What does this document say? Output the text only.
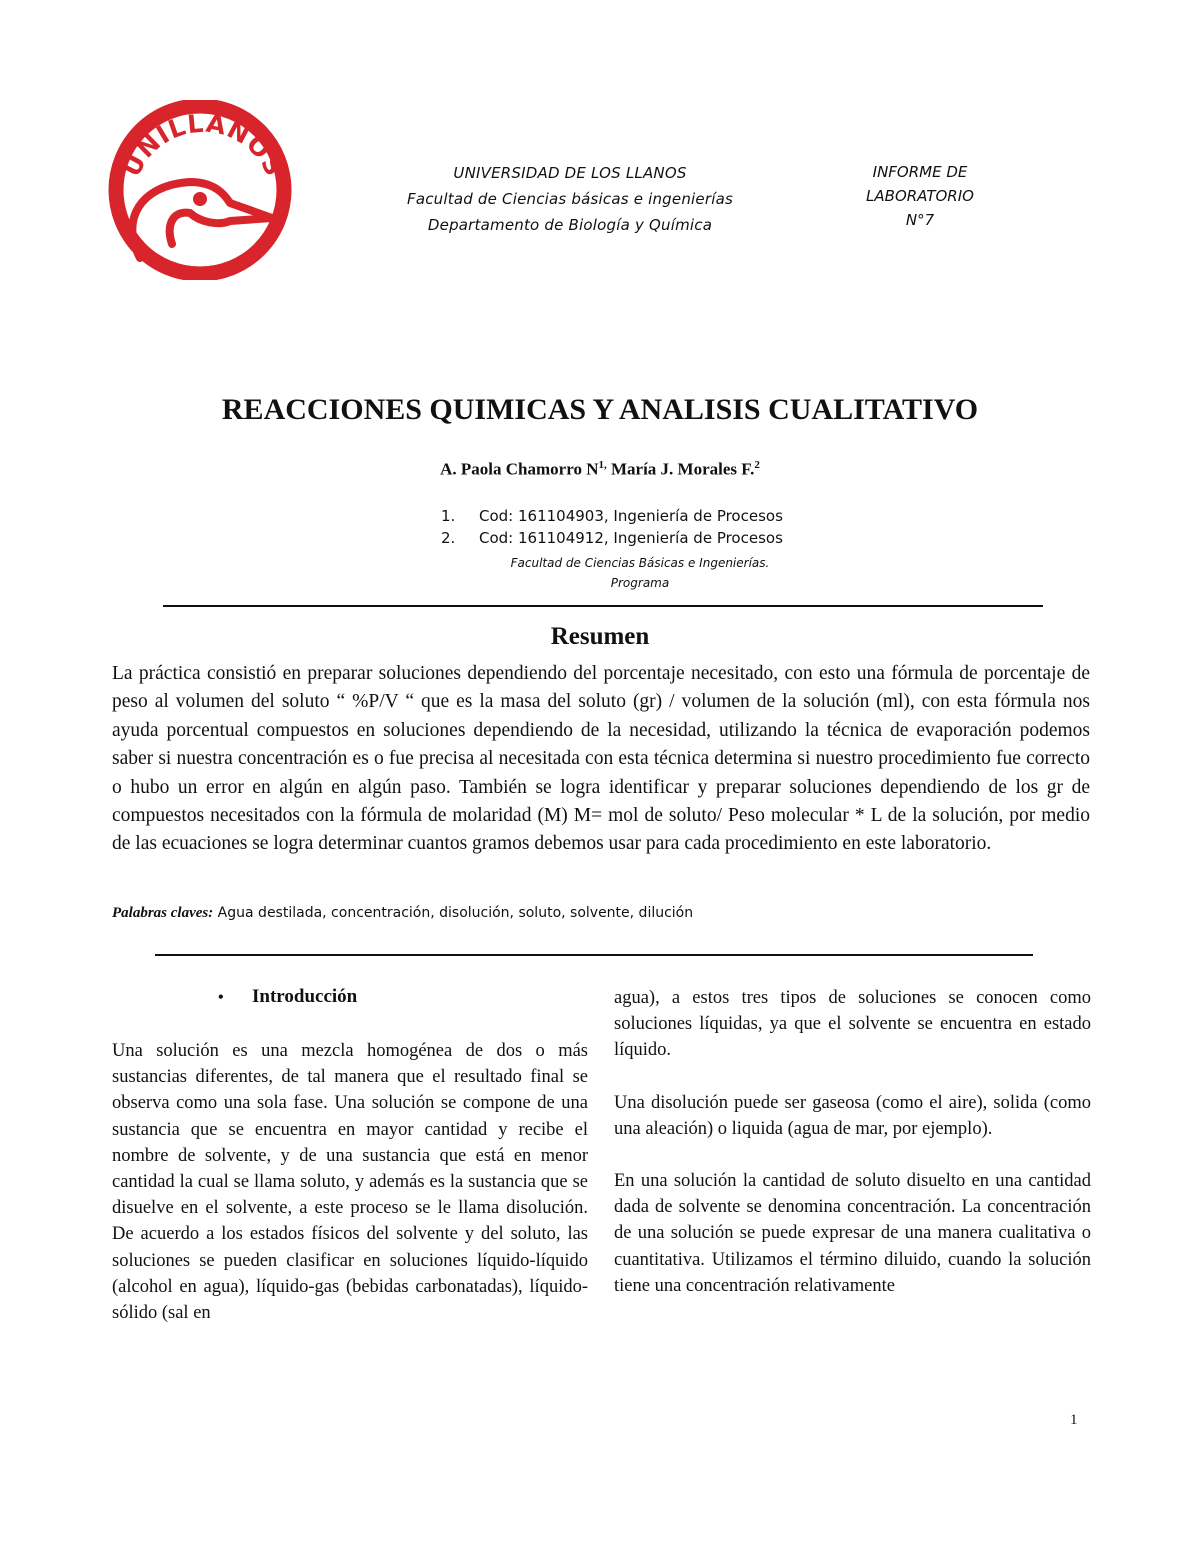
UNILLANOS	UNIVERSIDAD DE LOS LLANOS
Facultad de Ciencias básicas e ingenierías
Departamento de Biología y Química
INFORME DE
LABORATORIO
N°7
REACCIONES QUIMICAS Y ANALISIS CUALITATIVO
A. Paola Chamorro $N^{1,}$ María J. Morales F.$^2$
1.	Cod: 161104903, Ingeniería de Procesos
2.	Cod: 161104912, Ingeniería de Procesos
Facultad de Ciencias Básicas e Ingenierías.
Programa
Resumen

La práctica consistió en preparar soluciones dependiendo del porcentaje necesitado, con esto una fórmula de porcentaje de peso al volumen del soluto “ %P/V “ que es la masa del soluto (gr) / volumen de la solución (ml), con esta fórmula nos ayuda porcentual compuestos en soluciones dependiendo de la necesidad, utilizando la técnica de evaporación podemos saber si nuestra concentración es o fue precisa al necesitada con esta técnica determina si nuestro procedimiento fue correcto o hubo un error en algún en algún paso. También se logra identificar y preparar soluciones dependiendo de los gr de compuestos necesitados con la fórmula de molaridad (M) M= mol de soluto/ Peso molecular * L de la solución, por medio de las ecuaciones se logra determinar cuantos gramos debemos usar para cada procedimiento en este laboratorio.

Palabras claves: Agua destilada, concentración, disolución, soluto, solvente, dilución
• Introducción

Una solución es una mezcla homogénea de dos o más sustancias diferentes, de tal manera que el resultado final se observa como una sola fase. Una solución se compone de una sustancia que se encuentra en mayor cantidad y recibe el nombre de solvente, y de una sustancia que está en menor cantidad la cual se llama soluto, y además es la sustancia que se disuelve en el solvente, a este proceso se le llama disolución. De acuerdo a los estados físicos del solvente y del soluto, las soluciones se pueden clasificar en soluciones líquido-líquido (alcohol en agua), líquido-gas (bebidas carbonatadas), líquido-sólido (sal en

agua), a estos tres tipos de soluciones se conocen como soluciones líquidas, ya que el solvente se encuentra en estado líquido.

Una disolución puede ser gaseosa (como el aire), solida (como una aleación) o liquida (agua de mar, por ejemplo).

En una solución la cantidad de soluto disuelto en una cantidad dada de solvente se denomina concentración. La concentración de una solución se puede expresar de una manera cualitativa o cuantitativa. Utilizamos el término diluido, cuando la solución tiene una concentración relativamente

1
